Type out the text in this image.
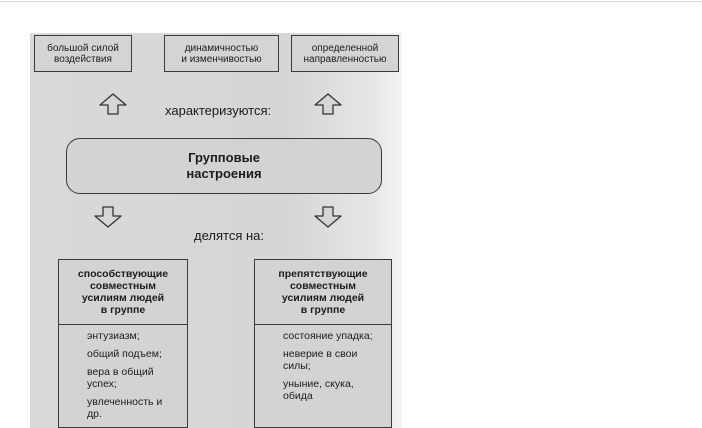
большой силой
воздействия
динамичностью
и изменчивостью
определенной
направленностью
характеризуются:
Групповые
настроения
делятся на:
способствующие
совместным
усилиям людей
в группе
энтузиазм;
общий подъем;
вера в общий успех;
увлеченность и др.
препятствующие
совместным
усилиям людей
в группе
состояние упадка;
неверие в свои силы;
уныние, скука, обида
